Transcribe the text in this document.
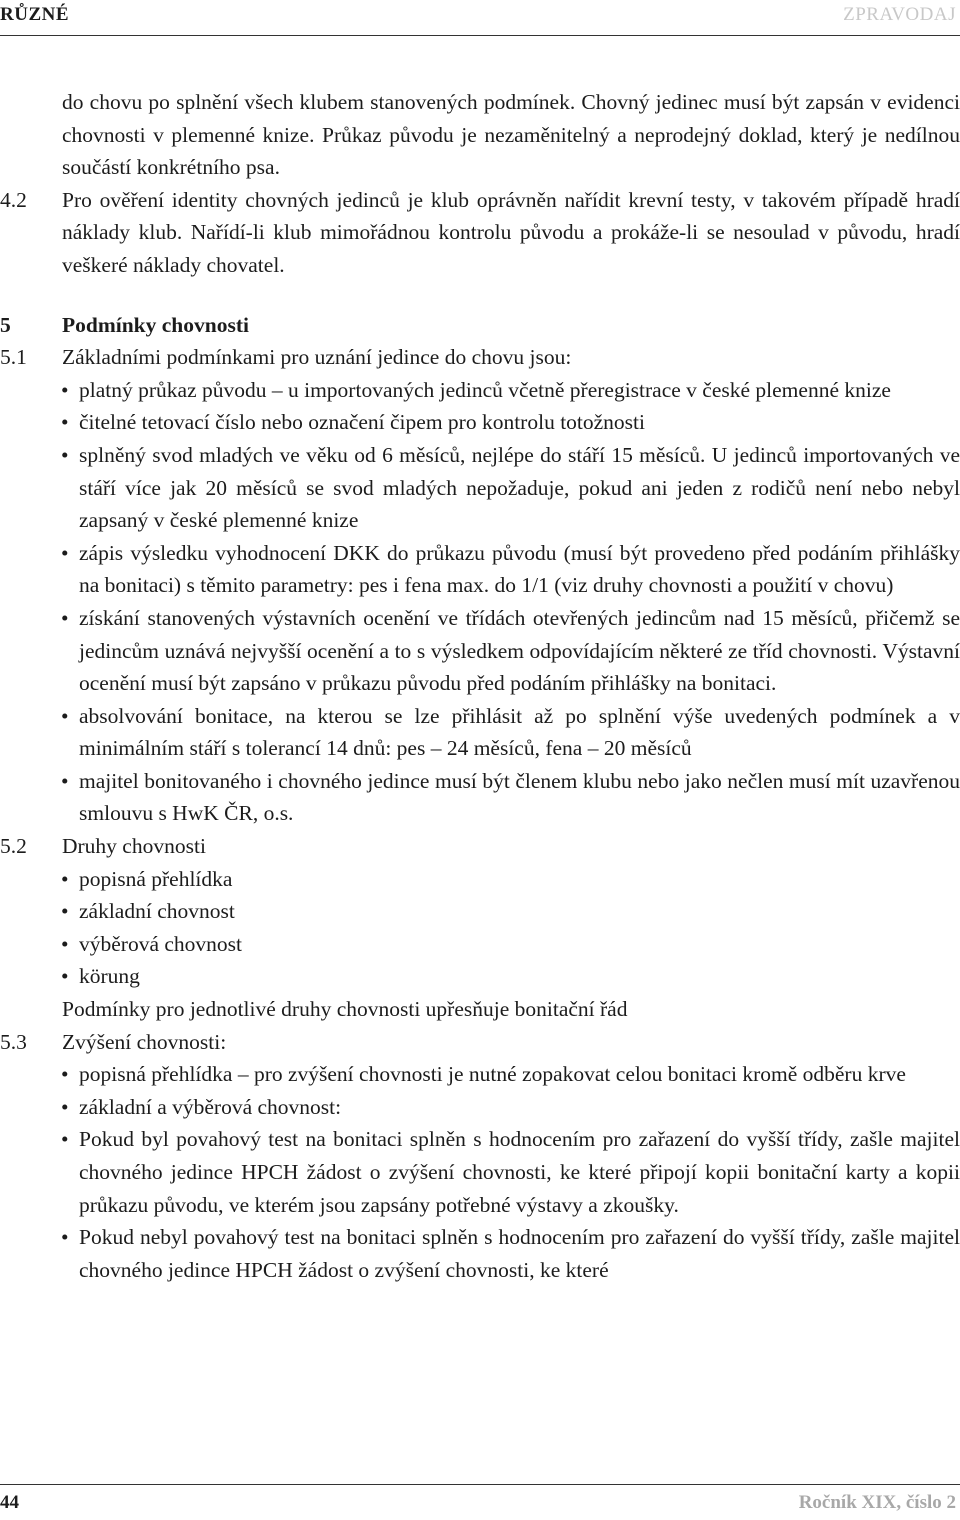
RŮZNÉ	ZPRAVODAJ
do chovu po splnění všech klubem stanovených podmínek. Chovný jedinec musí být zapsán v evidenci chovnosti v plemenné knize. Průkaz původu je nezaměnitelný a neprodejný doklad, který je nedílnou součástí konkrétního psa.
4.2 Pro ověření identity chovných jedinců je klub oprávněn nařídit krevní testy, v takovém případě hradí náklady klub. Nařídí-li klub mimořádnou kontrolu původu a prokáže-li se nesoulad v původu, hradí veškeré náklady chovatel.
5 Podmínky chovnosti
5.1 Základními podmínkami pro uznání jedince do chovu jsou:
• platný průkaz původu – u importovaných jedinců včetně přeregistrace v české plemenné knize
• čitelné tetovací číslo nebo označení čipem pro kontrolu totožnosti
• splněný svod mladých ve věku od 6 měsíců, nejlépe do stáří 15 měsíců. U jedinců importovaných ve stáří více jak 20 měsíců se svod mladých nepožaduje, pokud ani jeden z rodičů není nebo nebyl zapsaný v české plemenné knize
• zápis výsledku vyhodnocení DKK do průkazu původu (musí být provedeno před podáním přihlášky na bonitaci) s těmito parametry: pes i fena max. do 1/1 (viz druhy chovnosti a použití v chovu)
• získání stanovených výstavních ocenění ve třídách otevřených jedincům nad 15 měsíců, přičemž se jedincům uznává nejvyšší ocenění a to s výsledkem odpovídajícím některé ze tříd chovnosti. Výstavní ocenění musí být zapsáno v průkazu původu před podáním přihlášky na bonitaci.
• absolvování bonitace, na kterou se lze přihlásit až po splnění výše uvedených podmínek a v minimálním stáří s tolerancí 14 dnů: pes – 24 měsíců, fena – 20 měsíců
• majitel bonitovaného i chovného jedince musí být členem klubu nebo jako nečlen musí mít uzavřenou smlouvu s HwK ČR, o.s.
5.2 Druhy chovnosti
• popisná přehlídka
• základní chovnost
• výběrová chovnost
• körung
Podmínky pro jednotlivé druhy chovnosti upřesňuje bonitační řád
5.3 Zvýšení chovnosti:
• popisná přehlídka – pro zvýšení chovnosti je nutné zopakovat celou bonitaci kromě odběru krve
• základní a výběrová chovnost:
• Pokud byl povahový test na bonitaci splněn s hodnocením pro zařazení do vyšší třídy, zašle majitel chovného jedince HPCH žádost o zvýšení chovnosti, ke které připojí kopii bonitační karty a kopii průkazu původu, ve kterém jsou zapsány potřebné výstavy a zkoušky.
• Pokud nebyl povahový test na bonitaci splněn s hodnocením pro zařazení do vyšší třídy, zašle majitel chovného jedince HPCH žádost o zvýšení chovnosti, ke které
44	Ročník XIX, číslo 2
